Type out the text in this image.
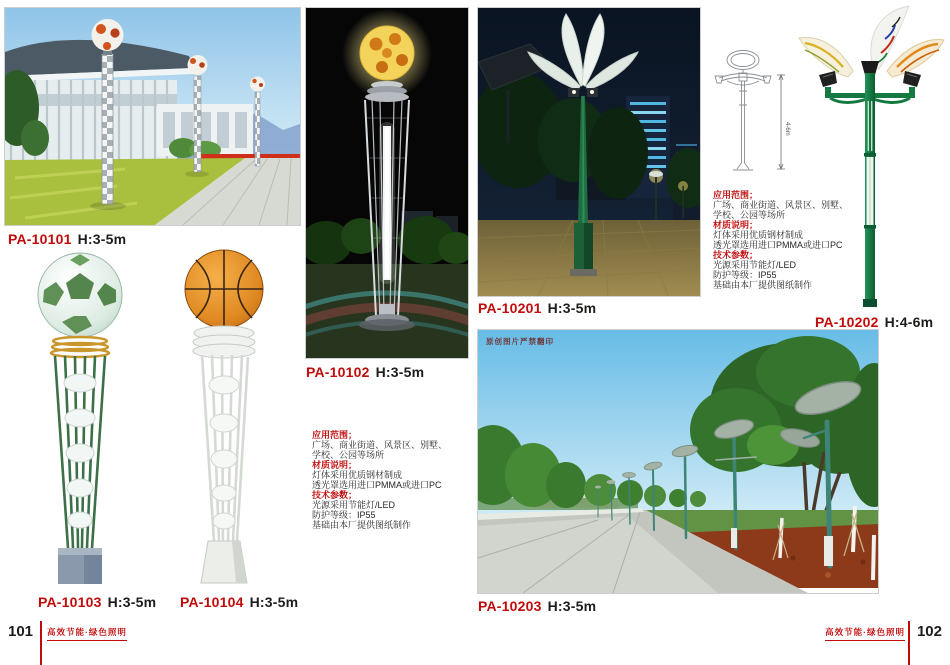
PA-10101 H:3-5m
PA-10103 H:3-5m PA-10104 H:3-5m
PA-10102 H:3-5m
应用范围；
广场、商业街道、风景区、别墅、
学校、公园等场所
材质说明；
灯体采用优质钢材制成
透光罩选用进口PMMA或进口PC
技术参数；
光源采用节能灯/LED
防护等级：IP55
基础由本厂提供图纸制作
101 高效节能·绿色照明
PA-10201 H:3-5m
4-6m
应用范围；
广场、商业街道、风景区、别墅、
学校、公园等场所
材质说明；
灯体采用优质钢材制成
透光罩选用进口PMMA或进口PC
技术参数；
光源采用节能灯/LED
防护等级：IP55
基础由本厂提供图纸制作
PA-10202 H:4-6m
原创图片严禁翻印
PA-10203 H:3-5m
高效节能·绿色照明 102
